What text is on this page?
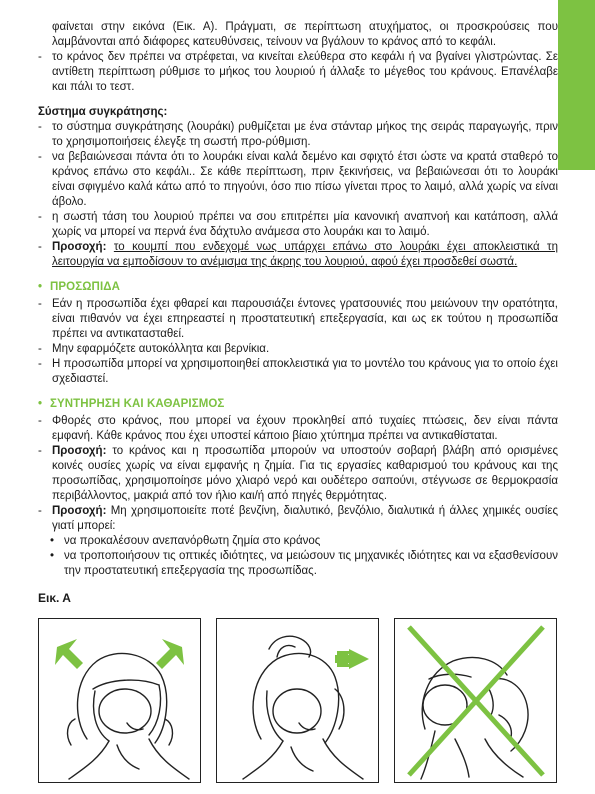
φαίνεται στην εικόνα (Εικ. Α). Πράγματι, σε περίπτωση ατυχήματος, οι προσκρούσεις που λαμβάνονται από διάφορες κατευθύνσεις, τείνουν να βγάλουν το κράνος από το κεφάλι.

- το κράνος δεν πρέπει να στρέφεται, να κινείται ελεύθερα στο κεφάλι ή να βγαίνει γλιστρώντας. Σε αντίθετη περίπτωση ρύθμισε το μήκος του λουριού ή άλλαξε το μέγεθος του κράνους. Επανέλαβε και πάλι το τεστ.

Σύστημα συγκράτησης:

- το σύστημα συγκράτησης (λουράκι) ρυθμίζεται με ένα στάνταρ μήκος της σειράς παραγωγής, πριν το χρησιμοποιήσεις έλεγξε τη σωστή προ-ρύθμιση.

- να βεβαιώνεσαι πάντα ότι το λουράκι είναι καλά δεμένο και σφιχτό έτσι ώστε να κρατά σταθερό το κράνος επάνω στο κεφάλι.. Σε κάθε περίπτωση, πριν ξεκινήσεις, να βεβαιώνεσαι ότι το λουράκι είναι σφιγμένο καλά κάτω από το πηγούνι, όσο πιο πίσω γίνεται προς το λαιμό, αλλά χωρίς να είναι άβολο.

- η σωστή τάση του λουριού πρέπει να σου επιτρέπει μία κανονική αναπνοή και κατάποση, αλλά χωρίς να μπορεί να περνά ένα δάχτυλο ανάμεσα στο λουράκι και το λαιμό.

- Προσοχή: το κουμπί που ενδεχομέ νως υπάρχει επάνω στο λουράκι έχει αποκλειστικά τη λειτουργία να εμποδίσουν το ανέμισμα της άκρης του λουριού, αφού έχει προσδεθεί σωστά.

• ΠΡΟΣΩΠΙΔΑ

- Εάν η προσωπίδα έχει φθαρεί και παρουσιάζει έντονες γρατσουνιές που μειώνουν την ορατότητα, είναι πιθανόν να έχει επηρεαστεί η προστατευτική επεξεργασία, και ως εκ τούτου η προσωπίδα πρέπει να αντικατασταθεί.

- Μην εφαρμόζετε αυτοκόλλητα και βερνίκια.

- Η προσωπίδα μπορεί να χρησιμοποιηθεί αποκλειστικά για το μοντέλο του κράνους για το οποίο έχει σχεδιαστεί.

• ΣΥΝΤΗΡΗΣΗ ΚΑΙ ΚΑΘΑΡΙΣΜΟΣ

- Φθορές στο κράνος, που μπορεί να έχουν προκληθεί από τυχαίες πτώσεις, δεν είναι πάντα εμφανή. Κάθε κράνος που έχει υποστεί κάποιο βίαιο χτύπημα πρέπει να αντικαθίσταται.

- Προσοχή: το κράνος και η προσωπίδα μπορούν να υποστούν σοβαρή βλάβη από ορισμένες κοινές ουσίες χωρίς να είναι εμφανής η ζημία. Για τις εργασίες καθαρισμού του κράνους και της προσωπίδας, χρησιμοποίησε μόνο χλιαρό νερό και ουδέτερο σαπούνι, στέγνωσε σε θερμοκρασία περιβάλλοντος, μακριά από τον ήλιο και/ή από πηγές θερμότητας.

- Προσοχή: Μη χρησιμοποιείτε ποτέ βενζίνη, διαλυτικό, βενζόλιο, διαλυτικά ή άλλες χημικές ουσίες γιατί μπορεί:

• να προκαλέσουν ανεπανόρθωτη ζημία στο κράνος

• να τροποποιήσουν τις οπτικές ιδιότητες, να μειώσουν τις μηχανικές ιδιότητες και να εξασθενίσουν την προστατευτική επεξεργασία της προσωπίδας.

Εικ. Α
